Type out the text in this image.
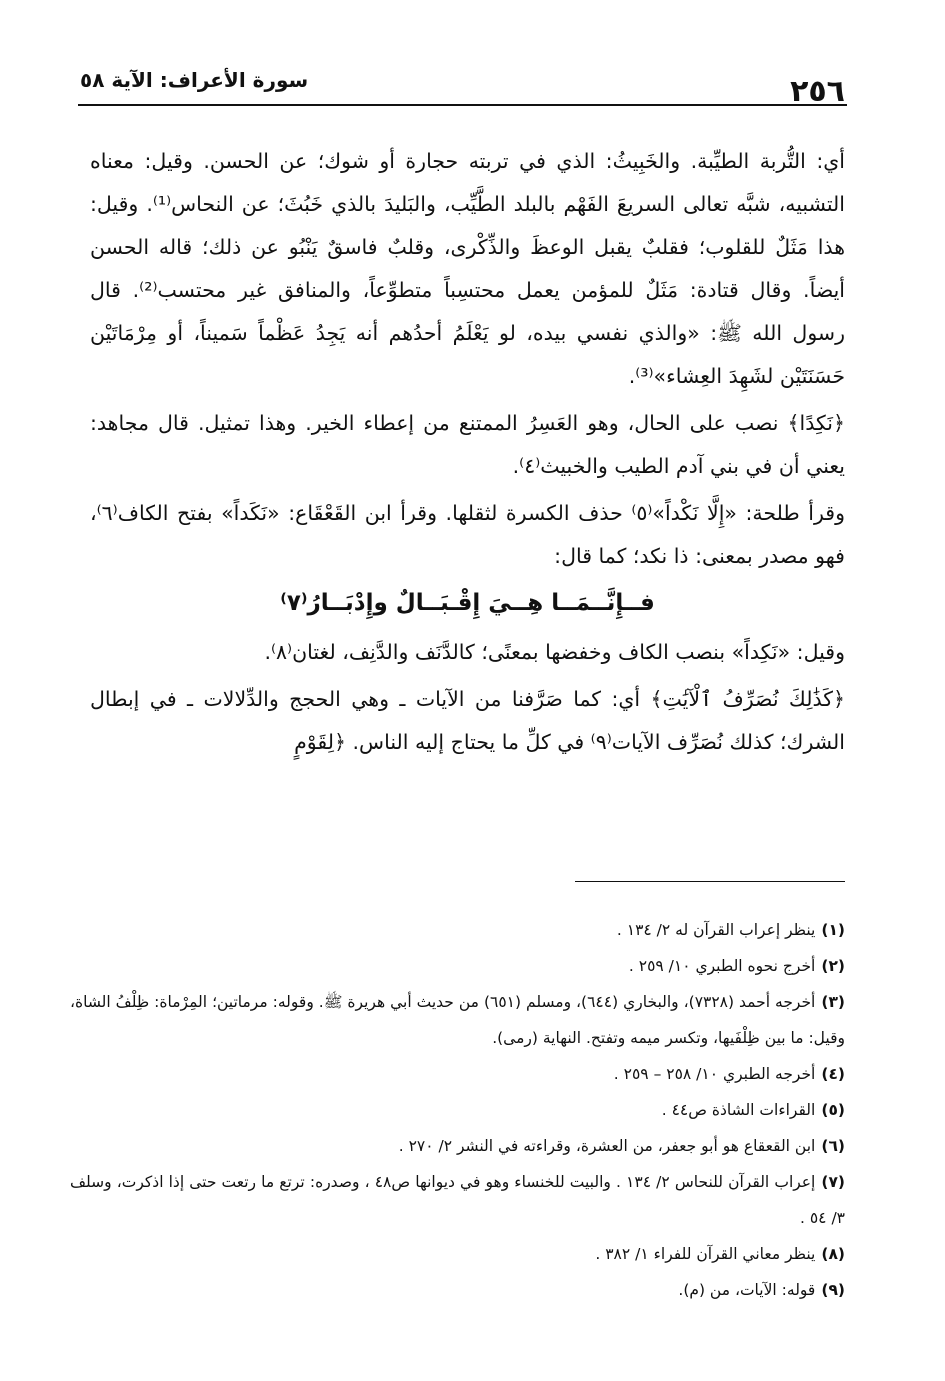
٢٥٦
سورة الأعراف: الآية ٥٨

أي: التُّربة الطيِّبة. والخَبِيثُ: الذي في تربته حجارة أو شوك؛ عن الحسن. وقيل: معناه التشبيه، شبَّه تعالى السريعَ الفَهْم بالبلد الطَّيِّب، والبَليدَ بالذي خَبُثَ؛ عن النحاس⁽¹⁾. وقيل: هذا مَثَلٌ للقلوب؛ فقلبٌ يقبل الوعظَ والذِّكْرى، وقلبٌ فاسقٌ يَنْبُو عن ذلك؛ قاله الحسن أيضاً. وقال قتادة: مَثَلٌ للمؤمن يعمل محتسِباً متطوِّعاً، والمنافق غير محتسب⁽²⁾. قال رسول الله ﷺ: «والذي نفسي بيده، لو يَعْلَمُ أحدُهم أنه يَجِدُ عَظْماً سَميناً، أو مِرْمَاتَيْن حَسَنَتَيْن لشَهِدَ العِشاء»⁽³⁾.

﴿نَكِدًا﴾ نصب على الحال، وهو العَسِرُ الممتنع من إعطاء الخير. وهذا تمثيل. قال مجاهد: يعني أن في بني آدم الطيب والخبيث⁽٤⁾.

وقرأ طلحة: «إِلَّا نَكْداً»⁽٥⁾ حذف الكسرة لثقلها. وقرأ ابن القَعْقَاع: «نَكَداً» بفتح الكاف⁽٦⁾، فهو مصدر بمعنى: ذا نكد؛ كما قال:

فــإِنَّــمَــا هِــيَ إِقْـبَــالٌ وإِدْبَــارُ⁽٧⁾

وقيل: «نَكِداً» بنصب الكاف وخفضها بمعنًى؛ كالدَّنَف والدَّنِف، لغتان⁽٨⁾.

﴿كَذَٰلِكَ نُصَرِّفُ ٱلْآيَٰتِ﴾ أي: كما صَرَّفنا من الآيات ـ وهي الحجج والدِّلالات ـ في إبطال الشرك؛ كذلك نُصَرِّف الآيات⁽٩⁾ في كلِّ ما يحتاج إليه الناس. ﴿لِقَوْمٍ

(١)ينظر إعراب القرآن له ٢/ ١٣٤ .
(٢)أخرج نحوه الطبري ١٠/ ٢٥٩ .
(٣)أخرجه أحمد (٧٣٢٨)، والبخاري (٦٤٤)، ومسلم (٦٥١) من حديث أبي هريرة ﷺ. وقوله: مرماتين؛ المِرْماة: ظِلْفُ الشاة، وقيل: ما بين ظِلْفَيها، وتكسر ميمه وتفتح. النهاية (رمى).
(٤)أخرجه الطبري ١٠/ ٢٥٨ – ٢٥٩ .
(٥)القراءات الشاذة ص٤٤ .
(٦)ابن القعقاع هو أبو جعفر، من العشرة، وقراءته في النشر ٢/ ٢٧٠ .
(٧)إعراب القرآن للنحاس ٢/ ١٣٤ . والبيت للخنساء وهو في ديوانها ص٤٨ ، وصدره: ترتع ما رتعت حتى إذا اذكرت، وسلف ٣/ ٥٤ .
(٨)ينظر معاني القرآن للفراء ١/ ٣٨٢ .
(٩)قوله: الآيات، من (م).
